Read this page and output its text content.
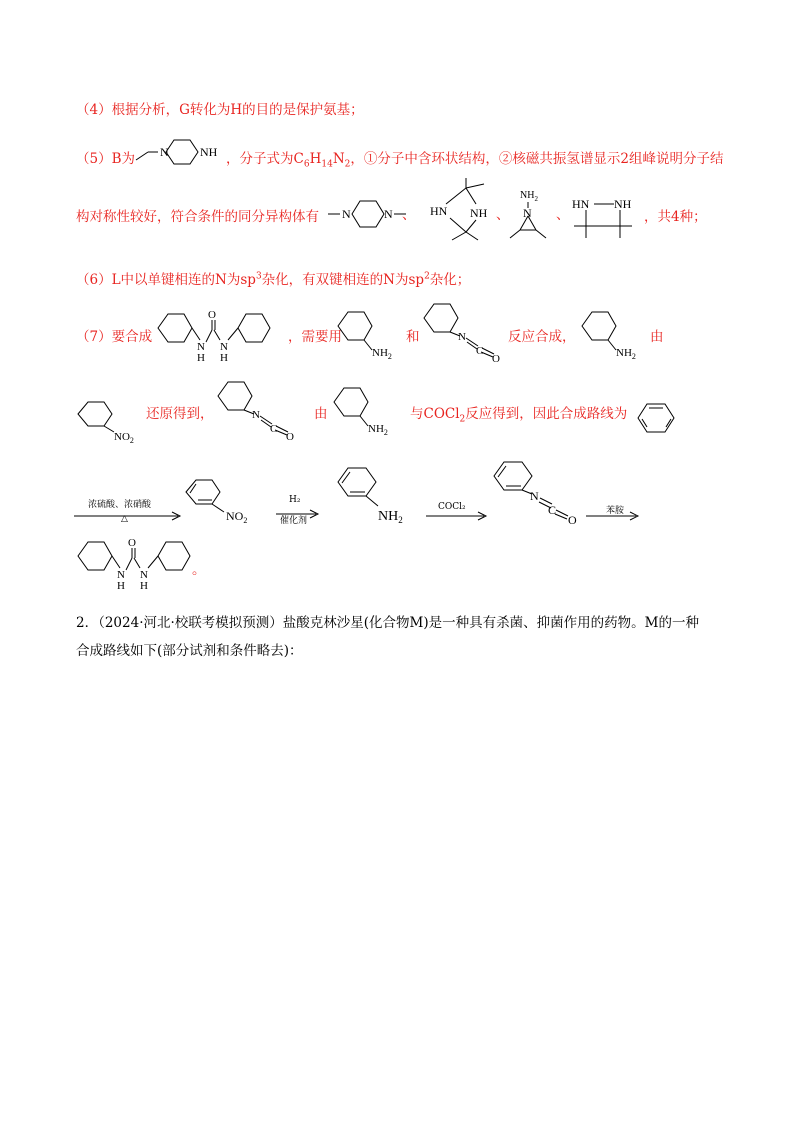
（4）根据分析，G转化为H的目的是保护氨基；
（5）B为 N	NH ，分子式为$C_6H_{14}N_2$，①分子中含环状结构，②核磁共振氢谱显示2组峰说明分子结
构对称性较好，符合条件的同分异构体有 N	N 、 HN NH 、
$NH_2$
N 、
HN NH
，共4种；
（6）L中以单键相连的N为$sp^3$杂化，有双键相连的N为$sp^2$杂化；
（7）要合成
O
N
H
N
H
，需要用
$NH_2$
和	N
C
O
反应合成，
$NH_2$
由
$NO_2$
还原得到，	N
C
O
由
$NH_2$
与COCl$_2$反应得到，因此合成路线为
浓硫酸、浓硝酸
△	$NO_2$
H₂
催化剂	$NH_2$
COCl₂
N
C
O
苯胺
O
N
H
N
H
。
2．（2024·河北·校联考模拟预测）盐酸克林沙星(化合物M)是一种具有杀菌、抑菌作用的药物。M的一种
合成路线如下(部分试剂和条件略去)：
